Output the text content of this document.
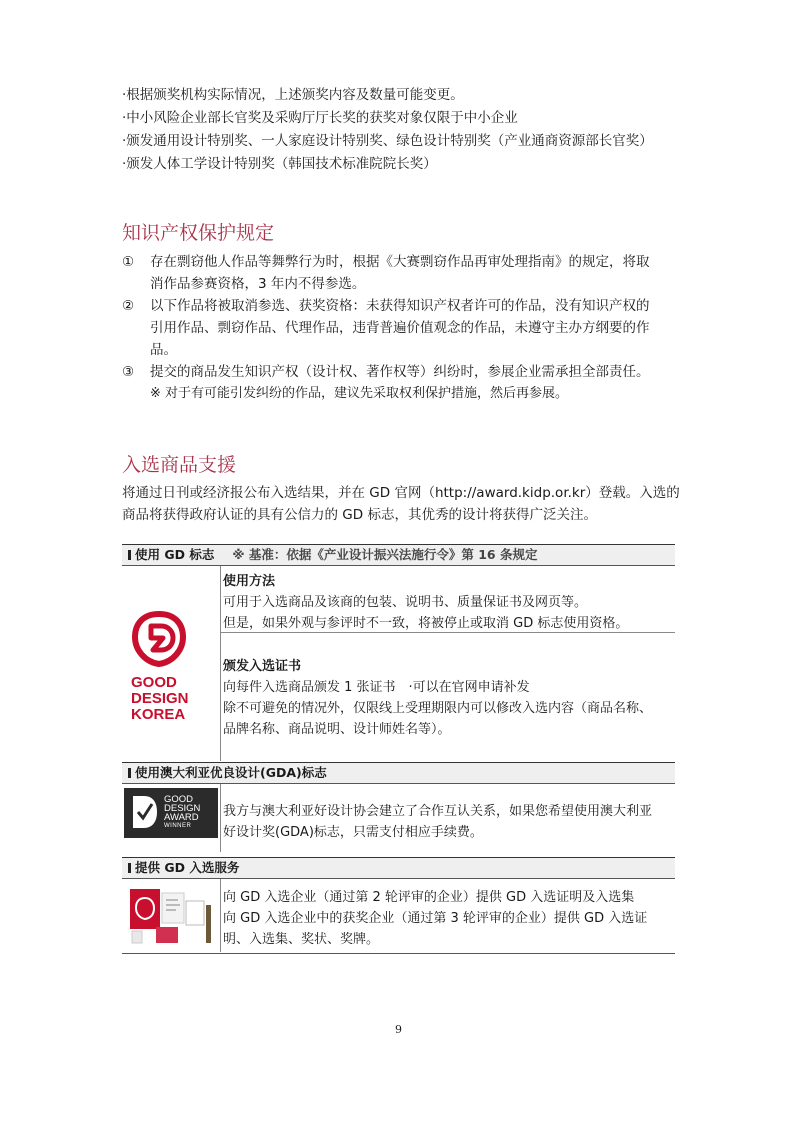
·根据颁奖机构实际情况，上述颁奖内容及数量可能变更。
·中小风险企业部长官奖及采购厅厅长奖的获奖对象仅限于中小企业
·颁发通用设计特别奖、一人家庭设计特别奖、绿色设计特别奖（产业通商资源部长官奖）
·颁发人体工学设计特别奖（韩国技术标准院院长奖）
知识产权保护规定
① 存在剽窃他人作品等舞弊行为时，根据《大赛剽窃作品再审处理指南》的规定，将取
消作品参赛资格，3 年内不得参选。
② 以下作品将被取消参选、获奖资格：未获得知识产权者许可的作品，没有知识产权的
引用作品、剽窃作品、代理作品，违背普遍价值观念的作品，未遵守主办方纲要的作
品。
③ 提交的商品发生知识产权（设计权、著作权等）纠纷时，参展企业需承担全部责任。
※ 对于有可能引发纠纷的作品，建议先采取权利保护措施，然后再参展。
入选商品支援
将通过日刊或经济报公布入选结果，并在 GD 官网（http://award.kidp.or.kr）登载。入选的
商品将获得政府认证的具有公信力的 GD 标志，其优秀的设计将获得广泛关注。
使用 GD 标志 ※ 基准：依据《产业设计振兴法施行令》第 16 条规定
GOOD
DESIGN
KOREA
使用方法
可用于入选商品及该商的包装、说明书、质量保证书及网页等。
但是，如果外观与参评时不一致，将被停止或取消 GD 标志使用资格。
颁发入选证书
向每件入选商品颁发 1 张证书　·可以在官网申请补发
除不可避免的情况外，仅限线上受理期限内可以修改入选内容（商品名称、
品牌名称、商品说明、设计师姓名等）。
使用澳大利亚优良设计(GDA)标志
GOOD
DESIGN
AWARD
WINNER
我方与澳大利亚好设计协会建立了合作互认关系，如果您希望使用澳大利亚
好设计奖(GDA)标志，只需支付相应手续费。
提供 GD 入选服务
向 GD 入选企业（通过第 2 轮评审的企业）提供 GD 入选证明及入选集
向 GD 入选企业中的获奖企业（通过第 3 轮评审的企业）提供 GD 入选证
明、入选集、奖状、奖牌。
9
